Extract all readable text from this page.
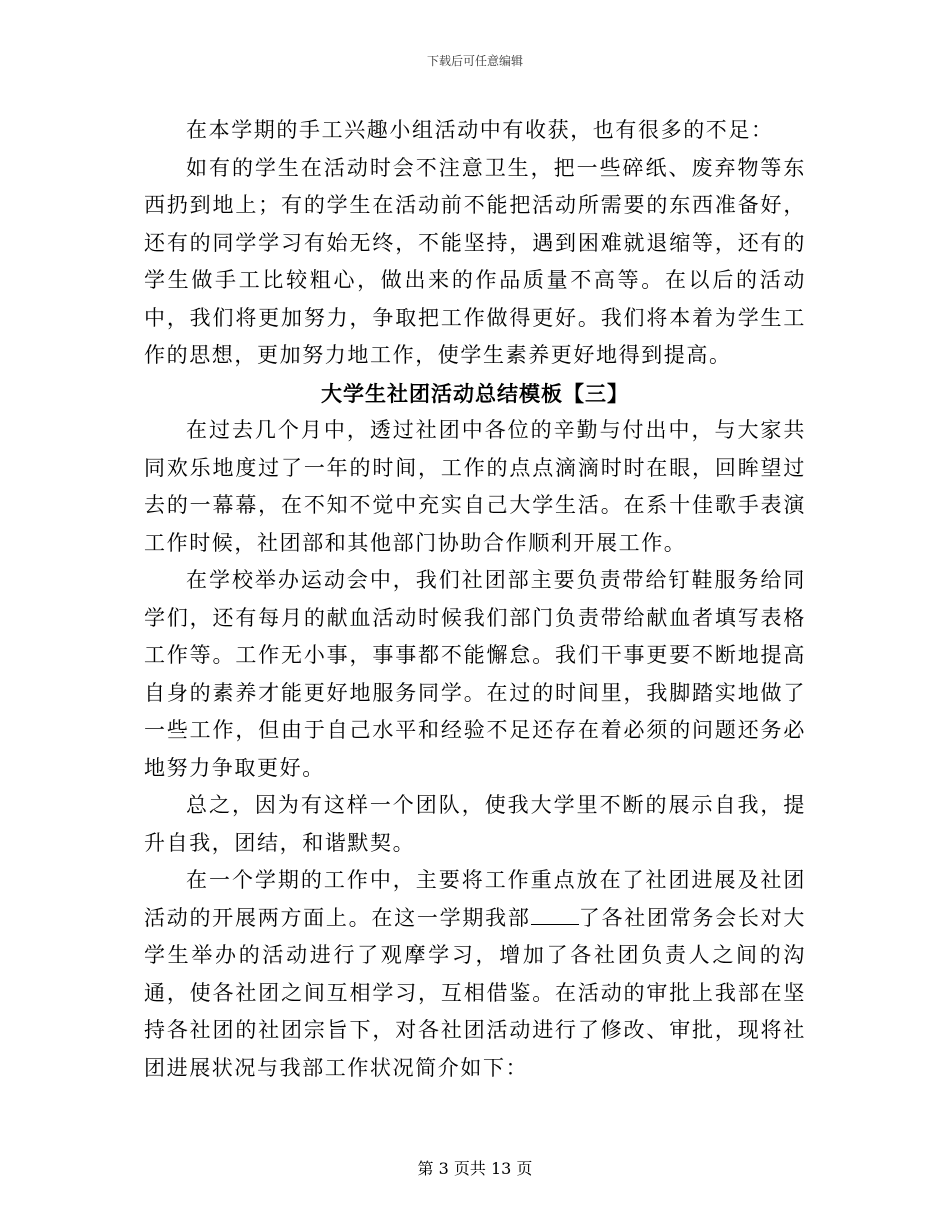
下载后可任意编辑

在本学期的手工兴趣小组活动中有收获，也有很多的不足：

如有的学生在活动时会不注意卫生，把一些碎纸、废弃物等东西扔到地上；有的学生在活动前不能把活动所需要的东西准备好，还有的同学学习有始无终，不能坚持，遇到困难就退缩等，还有的学生做手工比较粗心，做出来的作品质量不高等。在以后的活动中，我们将更加努力，争取把工作做得更好。我们将本着为学生工作的思想，更加努力地工作，使学生素养更好地得到提高。

大学生社团活动总结模板【三】

在过去几个月中，透过社团中各位的辛勤与付出中，与大家共同欢乐地度过了一年的时间，工作的点点滴滴时时在眼，回眸望过去的一幕幕，在不知不觉中充实自己大学生活。在系十佳歌手表演工作时候，社团部和其他部门协助合作顺利开展工作。

在学校举办运动会中，我们社团部主要负责带给钉鞋服务给同学们，还有每月的献血活动时候我们部门负责带给献血者填写表格工作等。工作无小事，事事都不能懈怠。我们干事更要不断地提高自身的素养才能更好地服务同学。在过的时间里，我脚踏实地做了一些工作，但由于自己水平和经验不足还存在着必须的问题还务必地努力争取更好。

总之，因为有这样一个团队，使我大学里不断的展示自我，提升自我，团结，和谐默契。

在一个学期的工作中，主要将工作重点放在了社团进展及社团活动的开展两方面上。在这一学期我部 了各社团常务会长对大学生举办的活动进行了观摩学习，增加了各社团负责人之间的沟通，使各社团之间互相学习，互相借鉴。在活动的审批上我部在坚持各社团的社团宗旨下，对各社团活动进行了修改、审批，现将社团进展状况与我部工作状况简介如下：

第 3 页共 13 页
